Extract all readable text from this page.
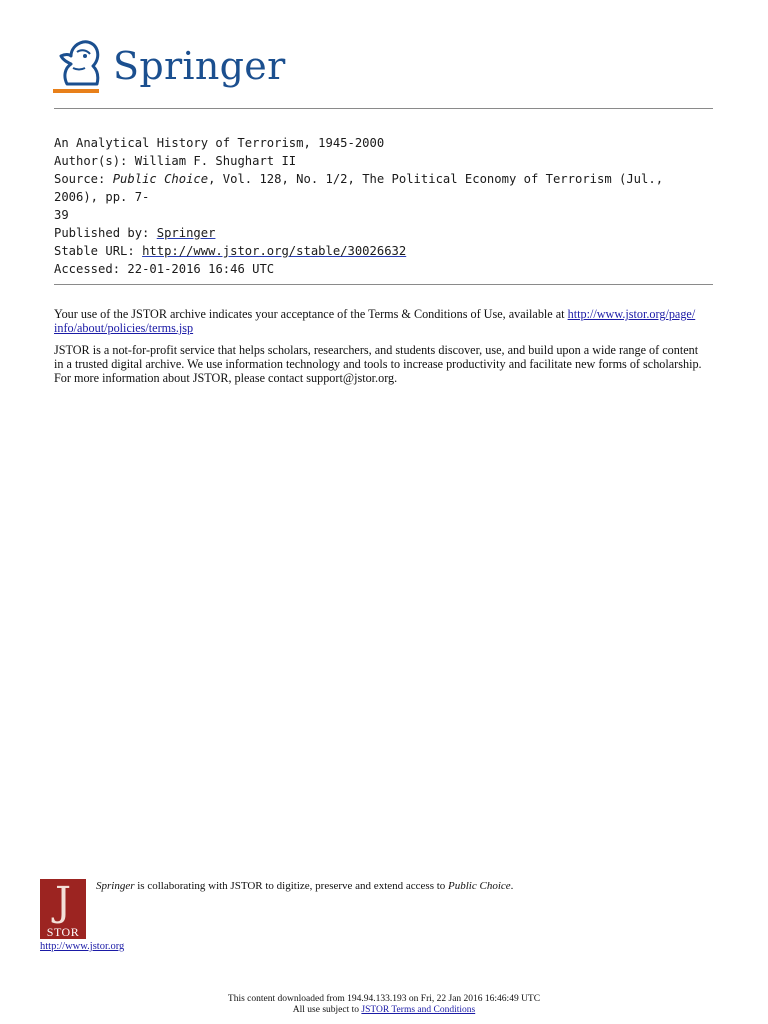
Springer
An Analytical History of Terrorism, 1945-2000
Author(s): William F. Shughart II
Source: Public Choice, Vol. 128, No. 1/2, The Political Economy of Terrorism (Jul., 2006), pp. 7-
39
Published by: Springer
Stable URL: http://www.jstor.org/stable/30026632
Accessed: 22-01-2016 16:46 UTC

Your use of the JSTOR archive indicates your acceptance of the Terms & Conditions of Use, available at http://www.jstor.org/page/
info/about/policies/terms.jsp

JSTOR is a not-for-profit service that helps scholars, researchers, and students discover, use, and build upon a wide range of content
in a trusted digital archive. We use information technology and tools to increase productivity and facilitate new forms of scholarship.
For more information about JSTOR, please contact support@jstor.org.

J
STOR
http://www.jstor.org
Springer is collaborating with JSTOR to digitize, preserve and extend access to Public Choice.
This content downloaded from 194.94.133.193 on Fri, 22 Jan 2016 16:46:49 UTC
All use subject to JSTOR Terms and Conditions
